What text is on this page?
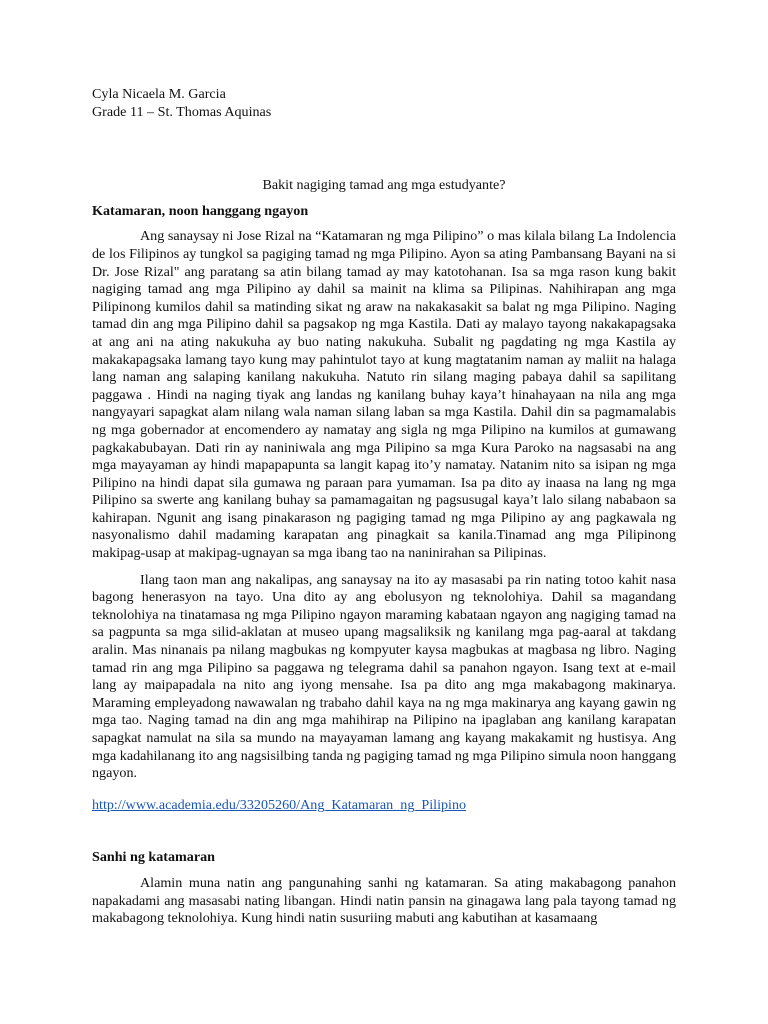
Cyla Nicaela M. Garcia

Grade 11 – St. Thomas Aquinas

Bakit nagiging tamad ang mga estudyante?

Katamaran, noon hanggang ngayon

Ang sanaysay ni Jose Rizal na “Katamaran ng mga Pilipino” o mas kilala bilang La Indolencia de los Filipinos ay tungkol sa pagiging tamad ng mga Pilipino. Ayon sa ating Pambansang Bayani na si Dr. Jose Rizal" ang paratang sa atin bilang tamad ay may katotohanan. Isa sa mga rason kung bakit nagiging tamad ang mga Pilipino ay dahil sa mainit na klima sa Pilipinas. Nahihirapan ang mga Pilipinong kumilos dahil sa matinding sikat ng araw na nakakasakit sa balat ng mga Pilipino. Naging tamad din ang mga Pilipino dahil sa pagsakop ng mga Kastila. Dati ay malayo tayong nakakapagsaka at ang ani na ating nakukuha ay buo nating nakukuha. Subalit ng pagdating ng mga Kastila ay makakapagsaka lamang tayo kung may pahintulot tayo at kung magtatanim naman ay maliit na halaga lang naman ang salaping kanilang nakukuha. Natuto rin silang maging pabaya dahil sa sapilitang paggawa . Hindi na naging tiyak ang landas ng kanilang buhay kaya’t hinahayaan na nila ang mga nangyayari sapagkat alam nilang wala naman silang laban sa mga Kastila. Dahil din sa pagmamalabis ng mga gobernador at encomendero ay namatay ang sigla ng mga Pilipino na kumilos at gumawang pagkakabubayan. Dati rin ay naniniwala ang mga Pilipino sa mga Kura Paroko na nagsasabi na ang mga mayayaman ay hindi mapapapunta sa langit kapag ito’y namatay. Natanim nito sa isipan ng mga Pilipino na hindi dapat sila gumawa ng paraan para yumaman. Isa pa dito ay inaasa na lang ng mga Pilipino sa swerte ang kanilang buhay sa pamamagaitan ng pagsusugal kaya’t lalo silang nababaon sa kahirapan. Ngunit ang isang pinakarason ng pagiging tamad ng mga Pilipino ay ang pagkawala ng nasyonalismo dahil madaming karapatan ang pinagkait sa kanila.Tinamad ang mga Pilipinong makipag-usap at makipag-ugnayan sa mga ibang tao na naninirahan sa Pilipinas.

Ilang taon man ang nakalipas, ang sanaysay na ito ay masasabi pa rin nating totoo kahit nasa bagong henerasyon na tayo. Una dito ay ang ebolusyon ng teknolohiya. Dahil sa magandang teknolohiya na tinatamasa ng mga Pilipino ngayon maraming kabataan ngayon ang nagiging tamad na sa pagpunta sa mga silid-aklatan at museo upang magsaliksik ng kanilang mga pag-aaral at takdang aralin. Mas ninanais pa nilang magbukas ng kompyuter kaysa magbukas at magbasa ng libro. Naging tamad rin ang mga Pilipino sa paggawa ng telegrama dahil sa panahon ngayon. Isang text at e-mail lang ay maipapadala na nito ang iyong mensahe. Isa pa dito ang mga makabagong makinarya. Maraming empleyadong nawawalan ng trabaho dahil kaya na ng mga makinarya ang kayang gawin ng mga tao. Naging tamad na din ang mga mahihirap na Pilipino na ipaglaban ang kanilang karapatan sapagkat namulat na sila sa mundo na mayayaman lamang ang kayang makakamit ng hustisya. Ang mga kadahilanang ito ang nagsisilbing tanda ng pagiging tamad ng mga Pilipino simula noon hanggang ngayon.

http://www.academia.edu/33205260/Ang_Katamaran_ng_Pilipino

Sanhi ng katamaran

Alamin muna natin ang pangunahing sanhi ng katamaran. Sa ating makabagong panahon napakadami ang masasabi nating libangan. Hindi natin pansin na ginagawa lang pala tayong tamad ng makabagong teknolohiya. Kung hindi natin susuriing mabuti ang kabutihan at kasamaang
